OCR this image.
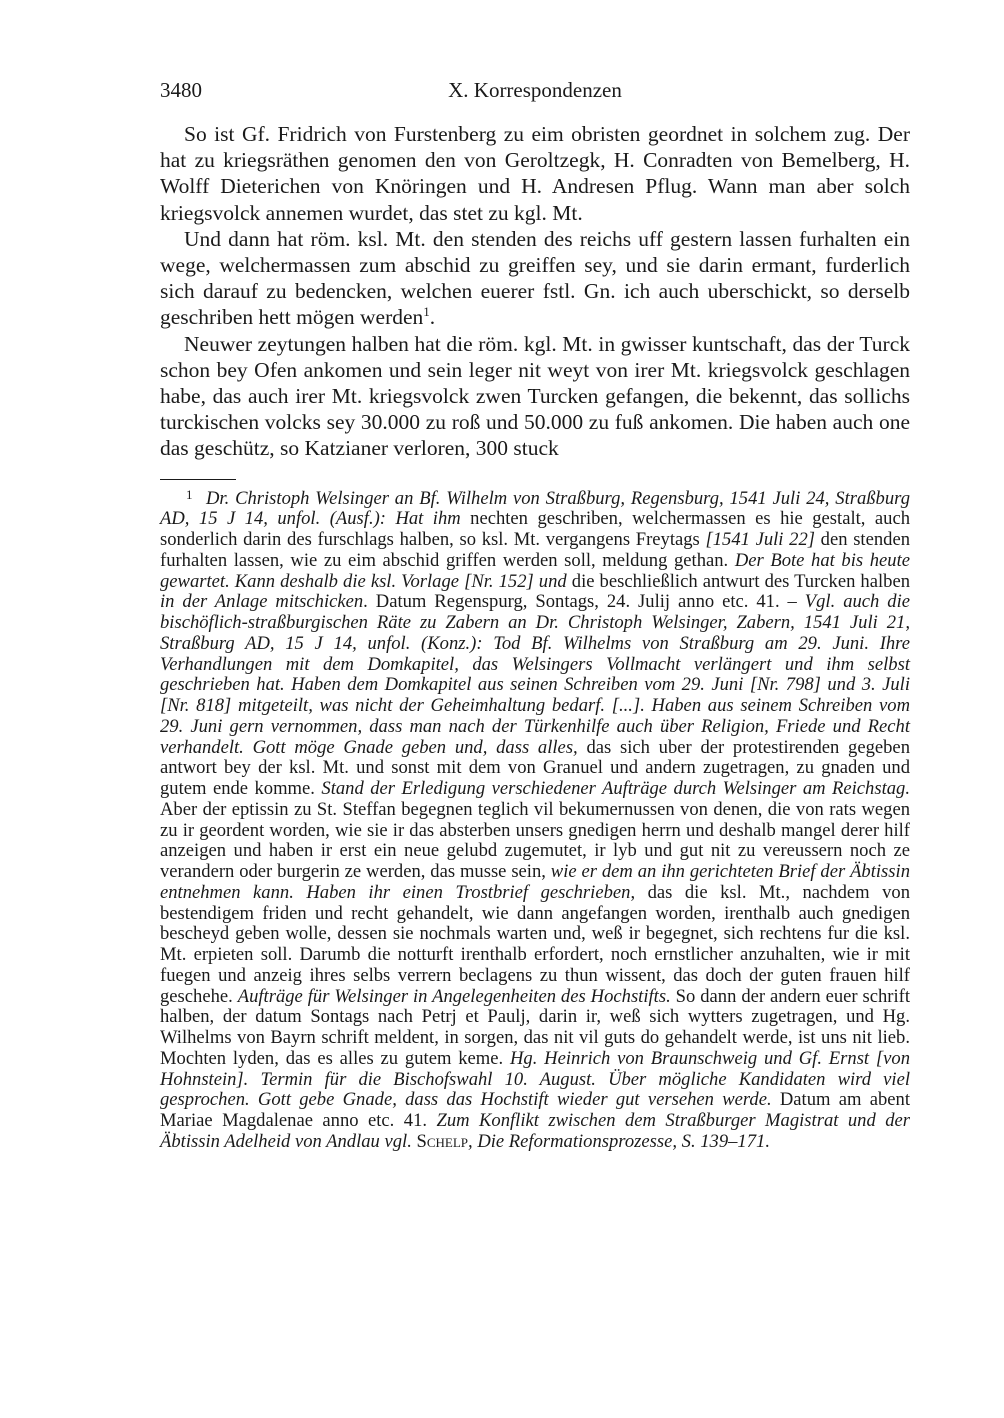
3480	X. Korrespondenzen

So ist Gf. Fridrich von Furstenberg zu eim obristen geordnet in solchem zug. Der hat zu kriegsräthen genomen den von Geroltzegk, H. Conradten von Bemelberg, H. Wolff Dieterichen von Knöringen und H. Andresen Pflug. Wann man aber solch kriegsvolck annemen wurdet, das stet zu kgl. Mt.

Und dann hat röm. ksl. Mt. den stenden des reichs uff gestern lassen furhalten ein wege, welchermassen zum abschid zu greiffen sey, und sie darin ermant, furderlich sich darauf zu bedencken, welchen euerer fstl. Gn. ich auch uberschickt, so derselb geschriben hett mögen werden$^1$.

Neuwer zeytungen halben hat die röm. kgl. Mt. in gwisser kuntschaft, das der Turck schon bey Ofen ankomen und sein leger nit weyt von irer Mt. kriegsvolck geschlagen habe, das auch irer Mt. kriegsvolck zwen Turcken gefangen, die bekennt, das sollichs turckischen volcks sey 30.000 zu roß und 50.000 zu fuß ankomen. Die haben auch one das geschütz, so Katzianer verloren, 300 stuck

1 Dr. Christoph Welsinger an Bf. Wilhelm von Straßburg, Regensburg, 1541 Juli 24, Straßburg AD, 15 J 14, unfol. (Ausf.): Hat ihm nechten geschriben, welchermassen es hie gestalt, auch sonderlich darin des furschlags halben, so ksl. Mt. vergangens Freytags [1541 Juli 22] den stenden furhalten lassen, wie zu eim abschid griffen werden soll, meldung gethan. Der Bote hat bis heute gewartet. Kann deshalb die ksl. Vorlage [Nr. 152] und die beschließlich antwurt des Turcken halben in der Anlage mitschicken. Datum Regenspurg, Sontags, 24. Julij anno etc. 41. – Vgl. auch die bischöflich-straßburgischen Räte zu Zabern an Dr. Christoph Welsinger, Zabern, 1541 Juli 21, Straßburg AD, 15 J 14, unfol. (Konz.): Tod Bf. Wilhelms von Straßburg am 29. Juni. Ihre Verhandlungen mit dem Domkapitel, das Welsingers Vollmacht verlängert und ihm selbst geschrieben hat. Haben dem Domkapitel aus seinen Schreiben vom 29. Juni [Nr. 798] und 3. Juli [Nr. 818] mitgeteilt, was nicht der Geheimhaltung bedarf. [...]. Haben aus seinem Schreiben vom 29. Juni gern vernommen, dass man nach der Türkenhilfe auch über Religion, Friede und Recht verhandelt. Gott möge Gnade geben und, dass alles, das sich uber der protestirenden gegeben antwort bey der ksl. Mt. und sonst mit dem von Granuel und andern zugetragen, zu gnaden und gutem ende komme. Stand der Erledigung verschiedener Aufträge durch Welsinger am Reichstag. Aber der eptissin zu St. Steffan begegnen teglich vil bekumernussen von denen, die von rats wegen zu ir geordent worden, wie sie ir das absterben unsers gnedigen herrn und deshalb mangel derer hilf anzeigen und haben ir erst ein neue gelubd zugemutet, ir lyb und gut nit zu vereussern noch ze verandern oder burgerin ze werden, das musse sein, wie er dem an ihn gerichteten Brief der Äbtissin entnehmen kann. Haben ihr einen Trostbrief geschrieben, das die ksl. Mt., nachdem von bestendigem friden und recht gehandelt, wie dann angefangen worden, irenthalb auch gnedigen bescheyd geben wolle, dessen sie nochmals warten und, weß ir begegnet, sich rechtens fur die ksl. Mt. erpieten soll. Darumb die notturft irenthalb erfordert, noch ernstlicher anzuhalten, wie ir mit fuegen und anzeig ihres selbs verrern beclagens zu thun wissent, das doch der guten frauen hilf geschehe. Aufträge für Welsinger in Angelegenheiten des Hochstifts. So dann der andern euer schrift halben, der datum Sontags nach Petrj et Paulj, darin ir, weß sich wytters zugetragen, und Hg. Wilhelms von Bayrn schrift meldent, in sorgen, das nit vil guts do gehandelt werde, ist uns nit lieb. Mochten lyden, das es alles zu gutem keme. Hg. Heinrich von Braunschweig und Gf. Ernst [von Hohnstein]. Termin für die Bischofswahl 10. August. Über mögliche Kandidaten wird viel gesprochen. Gott gebe Gnade, dass das Hochstift wieder gut versehen werde. Datum am abent Mariae Magdalenae anno etc. 41. Zum Konflikt zwischen dem Straßburger Magistrat und der Äbtissin Adelheid von Andlau vgl. Schelp, Die Reformationsprozesse, S. 139–171.
